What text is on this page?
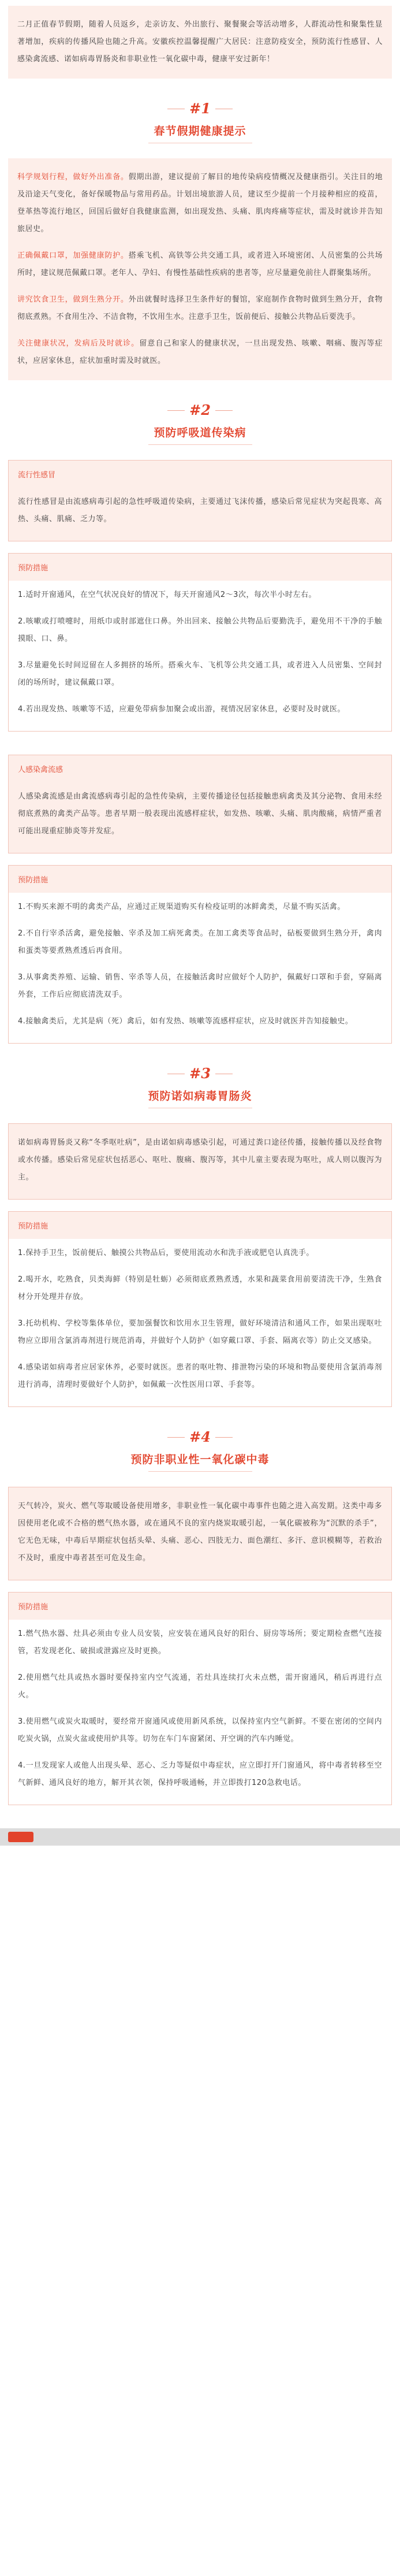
二月正值春节假期，随着人员返乡，走亲访友、外出旅行、聚餐聚会等活动增多，人群流动性和聚集性显著增加，疾病的传播风险也随之升高。安徽疾控温馨提醒广大居民：注意防疫安全，预防流行性感冒、人感染禽流感、诺如病毒胃肠炎和非职业性一氧化碳中毒，健康平安过新年！

#1
春节假期健康提示

科学规划行程，做好外出准备。假期出游，建议提前了解目的地传染病疫情概况及健康指引。关注目的地及沿途天气变化，备好保暖物品与常用药品。计划出境旅游人员，建议至少提前一个月接种相应的疫苗，登革热等流行地区，回国后做好自我健康监测，如出现发热、头痛、肌肉疼痛等症状，需及时就诊并告知旅居史。

正确佩戴口罩，加强健康防护。搭乘飞机、高铁等公共交通工具，或者进入环境密闭、人员密集的公共场所时，建议规范佩戴口罩。老年人、孕妇、有慢性基础性疾病的患者等，应尽量避免前往人群聚集场所。

讲究饮食卫生，做到生熟分开。外出就餐时选择卫生条件好的餐馆，家庭制作食物时做到生熟分开，食物彻底煮熟。不食用生冷、不洁食物，不饮用生水。注意手卫生，饭前便后、接触公共物品后要洗手。

关注健康状况，发病后及时就诊。留意自己和家人的健康状况，一旦出现发热、咳嗽、咽痛、腹泻等症状，应居家休息，症状加重时需及时就医。

#2
预防呼吸道传染病

流行性感冒

流行性感冒是由流感病毒引起的急性呼吸道传染病，主要通过飞沫传播，感染后常见症状为突起畏寒、高热、头痛、肌痛、乏力等。

预防措施

1.适时开窗通风，在空气状况良好的情况下，每天开窗通风2～3次，每次半小时左右。

2.咳嗽或打喷嚏时，用纸巾或肘部遮住口鼻。外出回来、接触公共物品后要勤洗手，避免用不干净的手触摸眼、口、鼻。

3.尽量避免长时间逗留在人多拥挤的场所。搭乘火车、飞机等公共交通工具，或者进入人员密集、空间封闭的场所时，建议佩戴口罩。

4.若出现发热、咳嗽等不适，应避免带病参加聚会或出游，视情况居家休息，必要时及时就医。

人感染禽流感

人感染禽流感是由禽流感病毒引起的急性传染病，主要传播途径包括接触患病禽类及其分泌物、食用未经彻底煮熟的禽类产品等。患者早期一般表现出流感样症状，如发热、咳嗽、头痛、肌肉酸痛，病情严重者可能出现重症肺炎等并发症。

预防措施

1.不购买来源不明的禽类产品，应通过正规渠道购买有检疫证明的冰鲜禽类，尽量不购买活禽。

2.不自行宰杀活禽，避免接触、宰杀及加工病死禽类。在加工禽类等食品时，砧板要做到生熟分开，禽肉和蛋类等要煮熟煮透后再食用。

3.从事禽类养殖、运输、销售、宰杀等人员，在接触活禽时应做好个人防护，佩戴好口罩和手套，穿隔离外套，工作后应彻底清洗双手。

4.接触禽类后，尤其是病（死）禽后，如有发热、咳嗽等流感样症状，应及时就医并告知接触史。

#3
预防诺如病毒胃肠炎

诺如病毒胃肠炎又称“冬季呕吐病”，是由诺如病毒感染引起，可通过粪口途径传播，接触传播以及经食物或水传播。感染后常见症状包括恶心、呕吐、腹痛、腹泻等，其中儿童主要表现为呕吐，成人则以腹泻为主。

预防措施

1.保持手卫生，饭前便后、触摸公共物品后，要使用流动水和洗手液或肥皂认真洗手。

2.喝开水，吃熟食，贝类海鲜（特别是牡蛎）必须彻底煮熟煮透，水果和蔬菜食用前要清洗干净，生熟食材分开处理并存放。

3.托幼机构、学校等集体单位，要加强餐饮和饮用水卫生管理，做好环境清洁和通风工作，如果出现呕吐物应立即用含氯消毒剂进行规范消毒，并做好个人防护（如穿戴口罩、手套、隔离衣等）防止交叉感染。

4.感染诺如病毒者应居家休养，必要时就医。患者的呕吐物、排泄物污染的环境和物品要使用含氯消毒剂进行消毒，清理时要做好个人防护，如佩戴一次性医用口罩、手套等。

#4
预防非职业性一氧化碳中毒

天气转冷，炭火、燃气等取暖设备使用增多，非职业性一氧化碳中毒事件也随之进入高发期。这类中毒多因使用老化或不合格的燃气热水器，或在通风不良的室内烧炭取暖引起，一氧化碳被称为“沉默的杀手”，它无色无味，中毒后早期症状包括头晕、头痛、恶心、四肢无力、面色潮红、多汗、意识模糊等，若救治不及时，重度中毒者甚至可危及生命。

预防措施

1.燃气热水器、灶具必须由专业人员安装，应安装在通风良好的阳台、厨房等场所；要定期检查燃气连接管，若发现老化、破损或泄露应及时更换。

2.使用燃气灶具或热水器时要保持室内空气流通，若灶具连续打火未点燃，需开窗通风，稍后再进行点火。

3.使用燃气或炭火取暖时，要经常开窗通风或使用新风系统，以保持室内空气新鲜。不要在密闭的空间内吃炭火锅，点炭火盆或使用炉具等。切勿在车门车窗紧闭、开空调的汽车内睡觉。

4.一旦发现家人或他人出现头晕、恶心、乏力等疑似中毒症状，应立即打开门窗通风，将中毒者转移至空气新鲜、通风良好的地方，解开其衣领，保持呼吸通畅，并立即拨打120急救电话。
